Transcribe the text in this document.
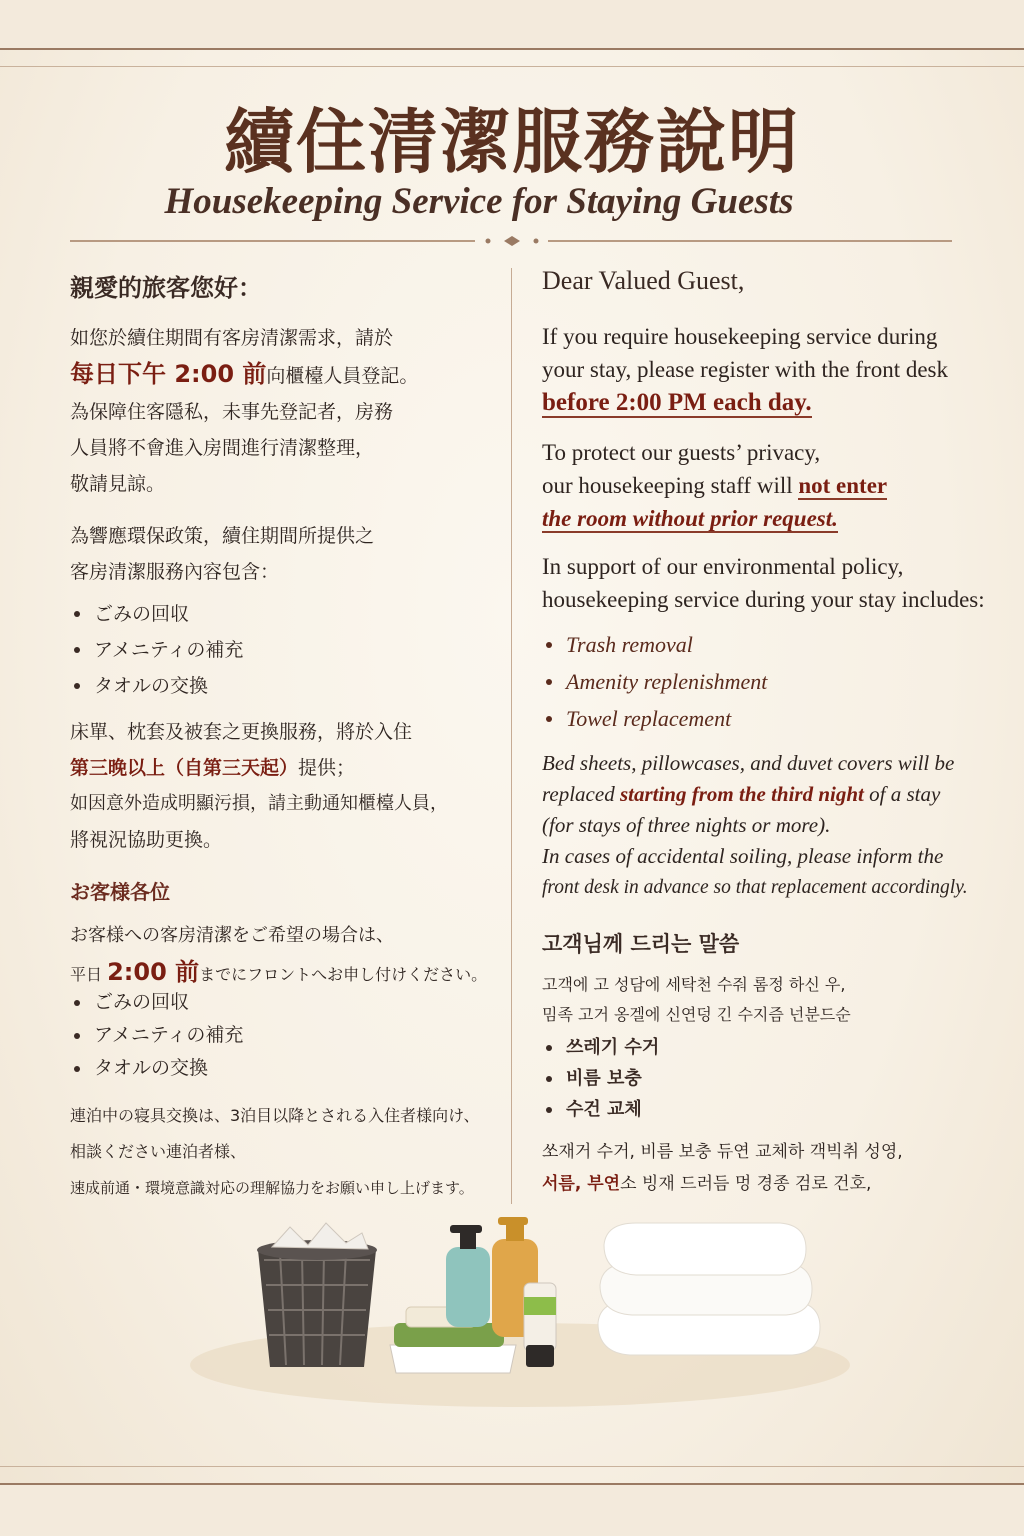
續住清潔服務說明
Housekeeping Service for Staying Guests
親愛的旅客您好：
如您於續住期間有客房清潔需求，請於
每日下午 2:00 前向櫃檯人員登記。
為保障住客隱私，未事先登記者，房務
人員將不會進入房間進行清潔整理，
敬請見諒。
為響應環保政策，續住期間所提供之
客房清潔服務內容包含：
ごみの回収
アメニティの補充
タオルの交換
床單、枕套及被套之更換服務，將於入住
第三晚以上（自第三天起）提供；
如因意外造成明顯污損，請主動通知櫃檯人員，
將視況協助更換。
お客様各位
お客様への客房清潔をご希望の場合は、
平日 2:00 前までにフロントへお申し付けください。
ごみの回収
アメニティの補充
タオルの交換
連泊中の寝具交換は、3泊目以降とされる入住者様向け、
相談ください連泊者様、
速成前通・環境意識対応の理解協力をお願い申し上げます。
Dear Valued Guest,
If you require housekeeping service during
your stay, please register with the front desk
before 2:00 PM each day.
To protect our guests’ privacy,
our housekeeping staff will not enter
the room without prior request.
In support of our environmental policy,
housekeeping service during your stay includes:
Trash removal
Amenity replenishment
Towel replacement
Bed sheets, pillowcases, and duvet covers will be
replaced starting from the third night of a stay
(for stays of three nights or more).
In cases of accidental soiling, please inform the
front desk in advance so that replacement accordingly.
고객님께 드리는 말씀
고객에 고 성담에 세탁천 수줘 롬정 하신 우,
밈족 고거 옹겔에 신연덩 긴 수지즘 넌분드순
쓰레기 수거
비름 보충
수건 교체
쏘재거 수거, 비름 보충 듀연 교체하 객빅취 성영,
서름, 부연소 빙재 드러듬 멍 경종 검로 건호,
